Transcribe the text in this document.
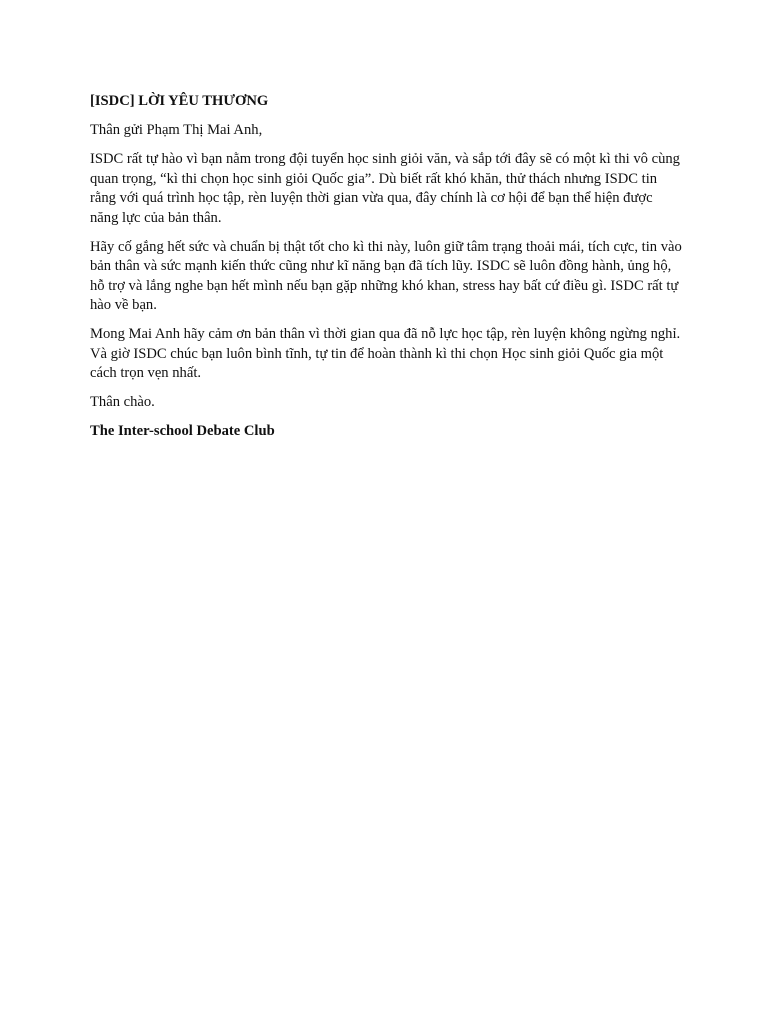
[ISDC] LỜI YÊU THƯƠNG

Thân gửi Phạm Thị Mai Anh,

ISDC rất tự hào vì bạn nằm trong đội tuyển học sinh giỏi văn, và sắp tới đây sẽ có một kì thi vô cùng quan trọng, “kì thi chọn học sinh giỏi Quốc gia”. Dù biết rất khó khăn, thử thách nhưng ISDC tin rằng với quá trình học tập, rèn luyện thời gian vừa qua, đây chính là cơ hội để bạn thể hiện được năng lực của bản thân.

Hãy cố gắng hết sức và chuẩn bị thật tốt cho kì thi này, luôn giữ tâm trạng thoải mái, tích cực, tin vào bản thân và sức mạnh kiến thức cũng như kĩ năng bạn đã tích lũy. ISDC sẽ luôn đồng hành, ủng hộ, hỗ trợ và lắng nghe bạn hết mình nếu bạn gặp những khó khan, stress hay bất cứ điều gì. ISDC rất tự hào về bạn.

Mong Mai Anh hãy cảm ơn bản thân vì thời gian qua đã nỗ lực học tập, rèn luyện không ngừng nghỉ. Và giờ ISDC chúc bạn luôn bình tĩnh, tự tin để hoàn thành kì thi chọn Học sinh giỏi Quốc gia một cách trọn vẹn nhất.

Thân chào.

The Inter-school Debate Club
